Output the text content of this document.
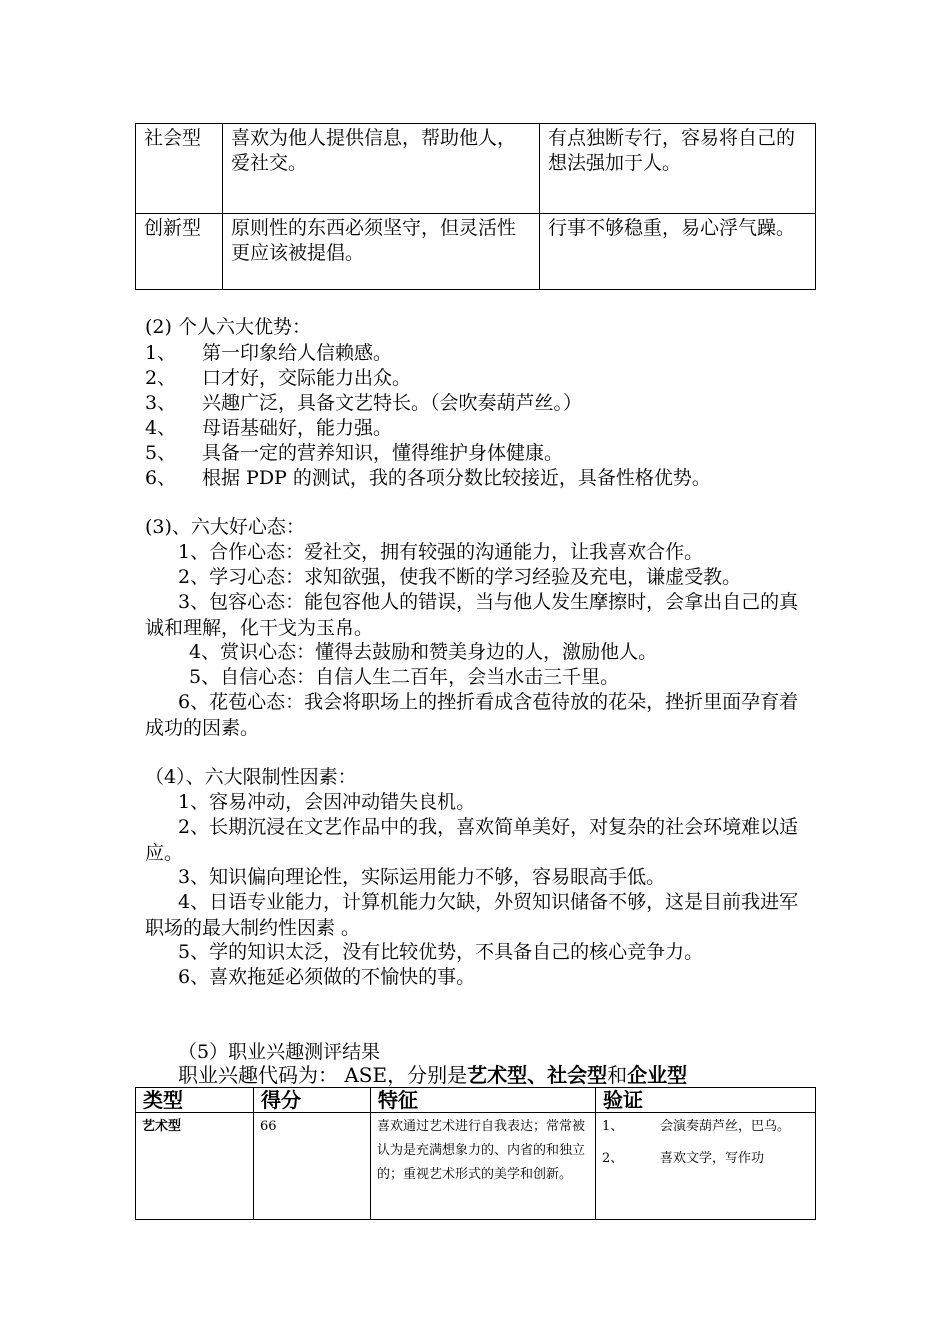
社会型	喜欢为他人提供信息，帮助他人，爱社交。	有点独断专行，容易将自己的想法强加于人。
创新型	原则性的东西必须坚守，但灵活性更应该被提倡。	行事不够稳重，易心浮气躁。
(2) 个人六大优势：
1、 第一印象给人信赖感。
2、 口才好，交际能力出众。
3、 兴趣广泛，具备文艺特长。（会吹奏葫芦丝。）
4、 母语基础好，能力强。
5、 具备一定的营养知识，懂得维护身体健康。
6、 根据 PDP 的测试，我的各项分数比较接近，具备性格优势。
(3)、六大好心态：
1、合作心态：爱社交，拥有较强的沟通能力，让我喜欢合作。
2、学习心态：求知欲强，使我不断的学习经验及充电，谦虚受教。
3、包容心态：能包容他人的错误，当与他人发生摩擦时，会拿出自己的真诚和理解，化干戈为玉帛。
4、赏识心态：懂得去鼓励和赞美身边的人，激励他人。
5、自信心态：自信人生二百年，会当水击三千里。
6、花苞心态：我会将职场上的挫折看成含苞待放的花朵，挫折里面孕育着成功的因素。
（4）、六大限制性因素：
1、容易冲动，会因冲动错失良机。
2、长期沉浸在文艺作品中的我，喜欢简单美好，对复杂的社会环境难以适应。
3、知识偏向理论性，实际运用能力不够，容易眼高手低。
4、日语专业能力，计算机能力欠缺，外贸知识储备不够，这是目前我进军职场的最大制约性因素 。
5、学的知识太泛，没有比较优势，不具备自己的核心竞争力。
6、喜欢拖延必须做的不愉快的事。
（5）职业兴趣测评结果
职业兴趣代码为： ASE，分别是艺术型、社会型和企业型
类型	得分	特征	验证
艺术型	66	喜欢通过艺术进行自我表达；常常被认为是充满想象力的、内省的和独立的；重视艺术形式的美学和创新。	1、 会演奏葫芦丝，巴乌。
2、 喜欢文学，写作功
